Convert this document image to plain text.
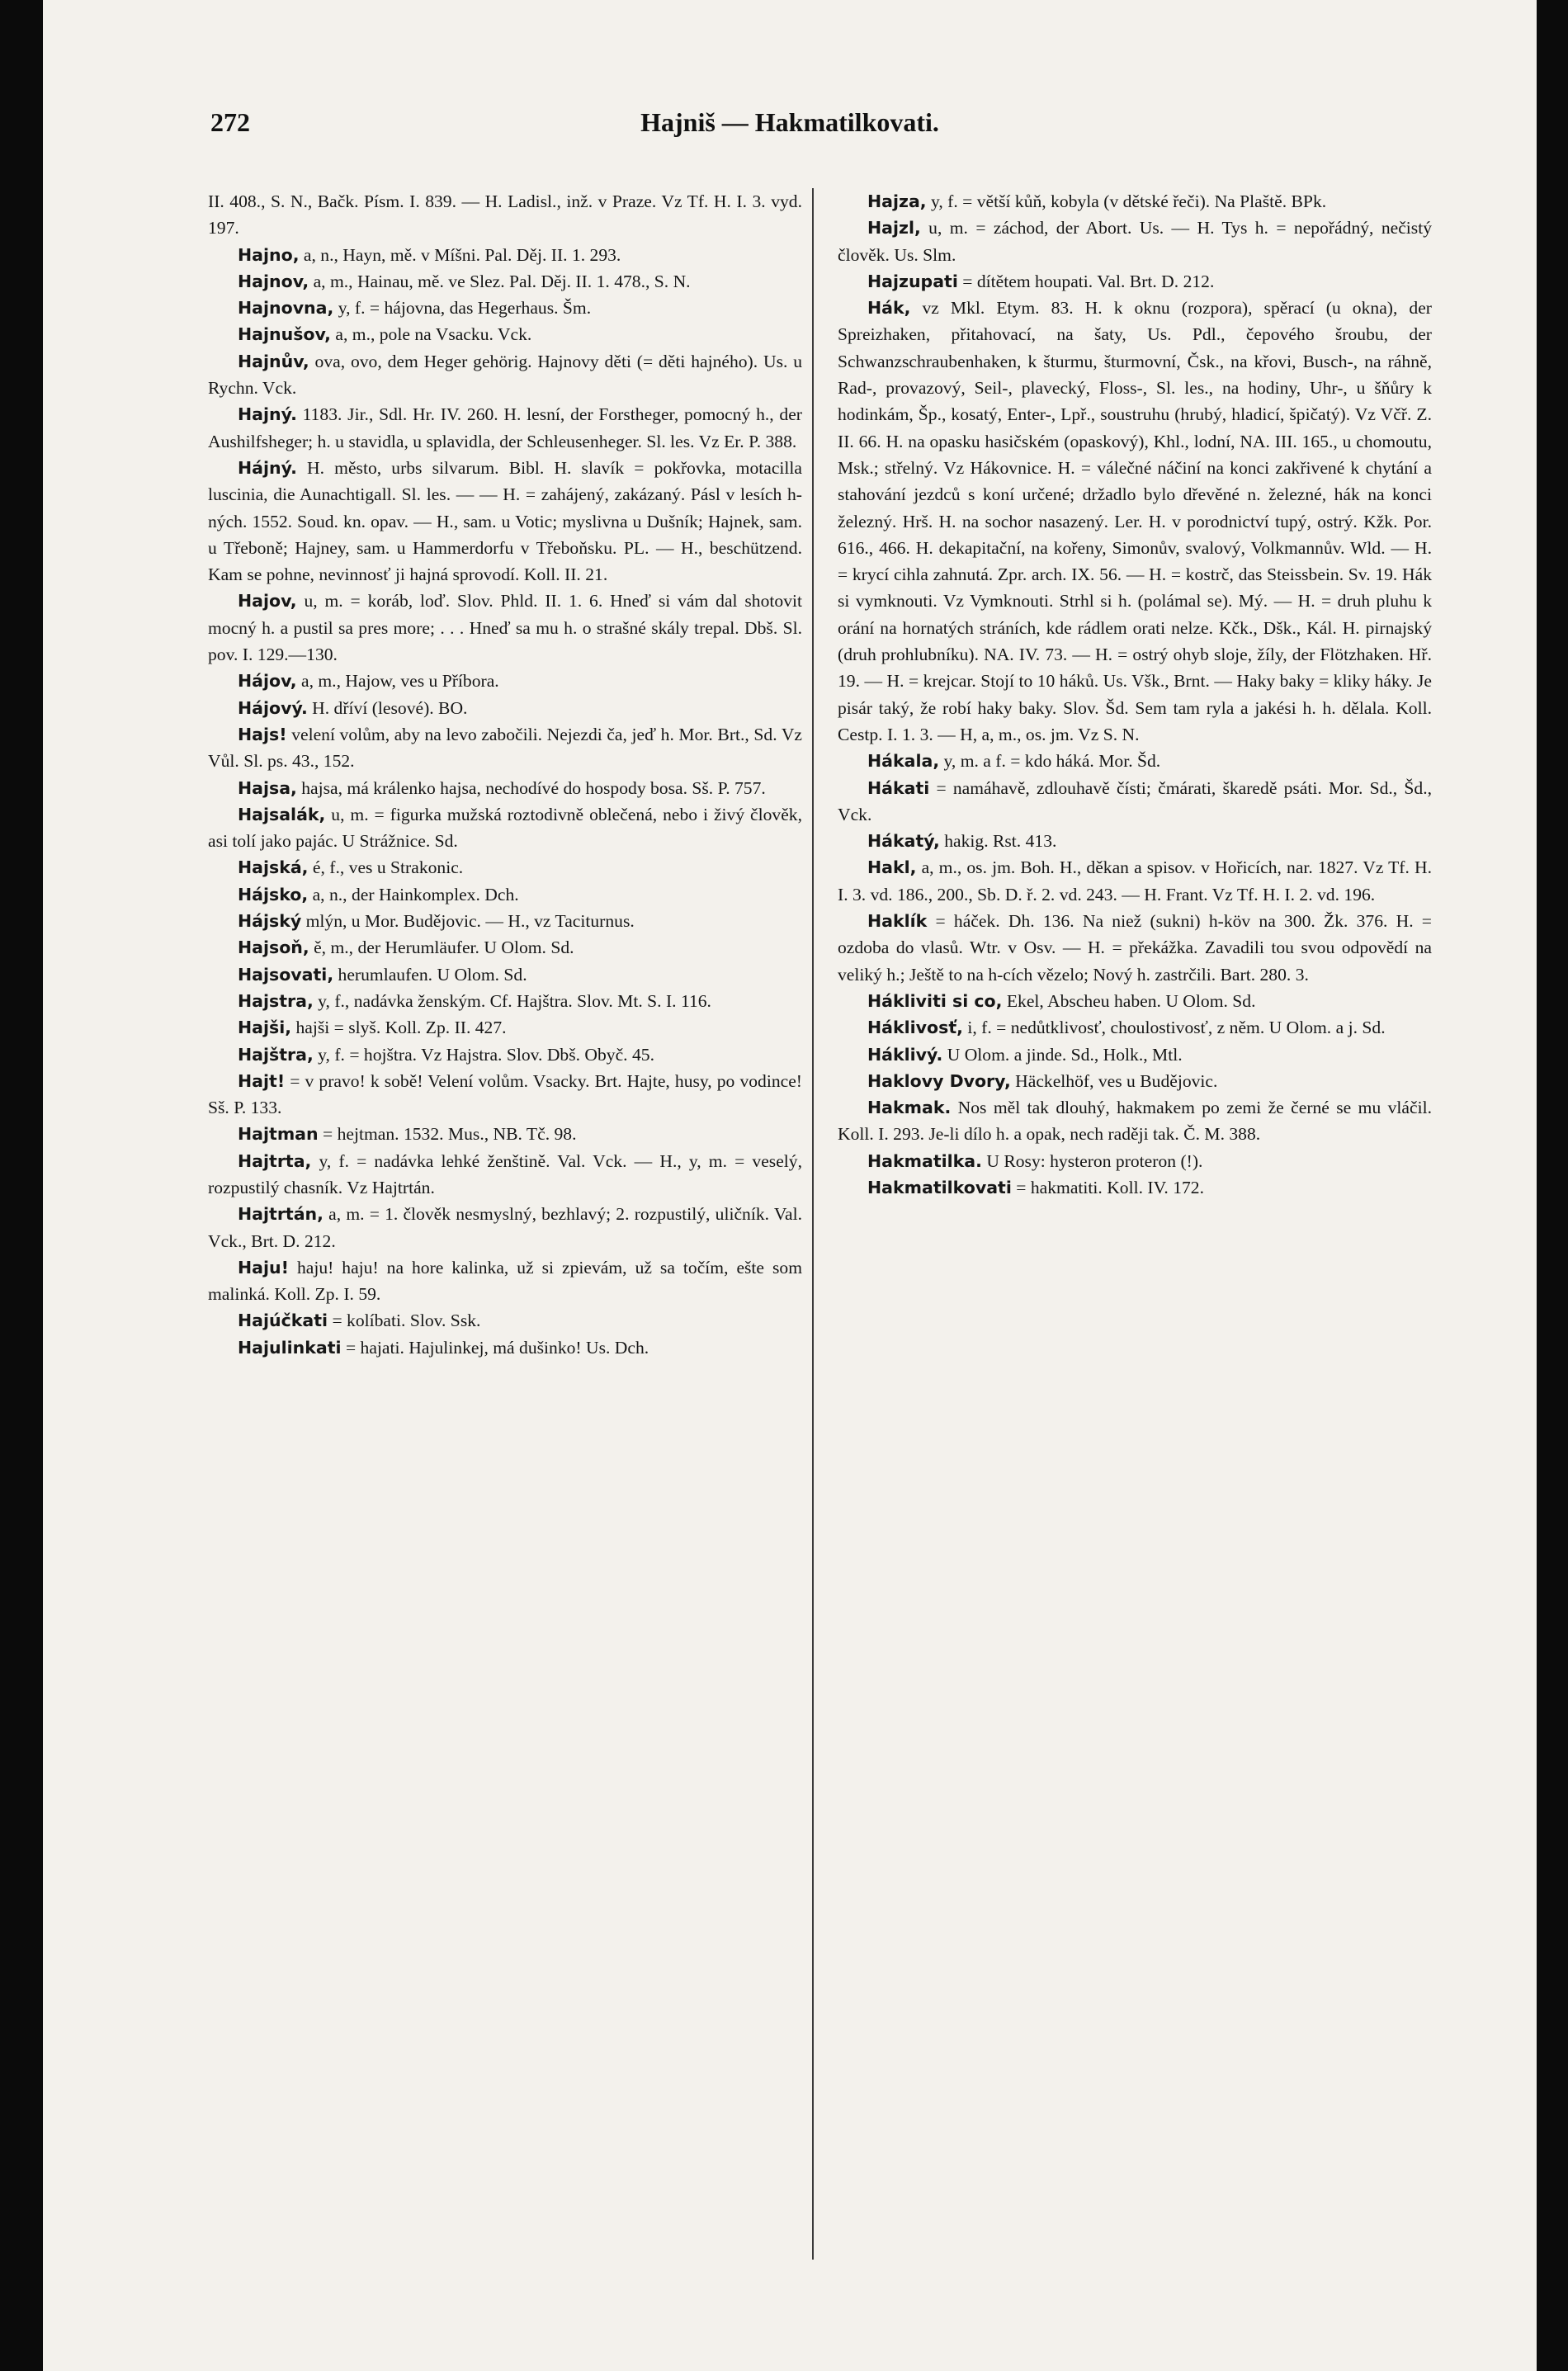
272	Hajniš — Hakmatilkovati.

II. 408., S. N., Bačk. Písm. I. 839. — H. Ladisl., inž. v Praze. Vz Tf. H. I. 3. vyd. 197.

Hajno, a, n., Hayn, mě. v Míšni. Pal. Děj. II. 1. 293.

Hajnov, a, m., Hainau, mě. ve Slez. Pal. Děj. II. 1. 478., S. N.

Hajnovna, y, f. = hájovna, das Hegerhaus. Šm.

Hajnušov, a, m., pole na Vsacku. Vck.

Hajnův, ova, ovo, dem Heger gehörig. Hajnovy děti (= děti hajného). Us. u Rychn. Vck.

Hajný. 1183. Jir., Sdl. Hr. IV. 260. H. lesní, der Forstheger, pomocný h., der Aushilfsheger; h. u stavidla, u splavidla, der Schleusenheger. Sl. les. Vz Er. P. 388.

Hájný. H. město, urbs silvarum. Bibl. H. slavík = pokřovka, motacilla luscinia, die Aunachtigall. Sl. les. — — H. = zahájený, zakázaný. Pásl v lesích h-ných. 1552. Soud. kn. opav. — H., sam. u Votic; myslivna u Dušník; Hajnek, sam. u Třeboně; Hajney, sam. u Hammerdorfu v Třeboňsku. PL. — H., beschützend. Kam se pohne, nevinnosť ji hajná sprovodí. Koll. II. 21.

Hajov, u, m. = koráb, loď. Slov. Phld. II. 1. 6. Hneď si vám dal shotovit mocný h. a pustil sa pres more; . . . Hneď sa mu h. o strašné skály trepal. Dbš. Sl. pov. I. 129.—130.

Hájov, a, m., Hajow, ves u Příbora.

Hájový. H. dříví (lesové). BO.

Hajs! velení volům, aby na levo zabočili. Nejezdi ča, jeď h. Mor. Brt., Sd. Vz Vůl. Sl. ps. 43., 152.

Hajsa, hajsa, má králenko hajsa, nechodívé do hospody bosa. Sš. P. 757.

Hajsalák, u, m. = figurka mužská roztodivně oblečená, nebo i živý člověk, asi tolí jako pajác. U Strážnice. Sd.

Hajská, é, f., ves u Strakonic.

Hájsko, a, n., der Hainkomplex. Dch.

Hájský mlýn, u Mor. Budějovic. — H., vz Taciturnus.

Hajsoň, ě, m., der Herumläufer. U Olom. Sd.

Hajsovati, herumlaufen. U Olom. Sd.

Hajstra, y, f., nadávka ženským. Cf. Hajštra. Slov. Mt. S. I. 116.

Hajši, hajši = slyš. Koll. Zp. II. 427.

Hajštra, y, f. = hojštra. Vz Hajstra. Slov. Dbš. Obyč. 45.

Hajt! = v pravo! k sobě! Velení volům. Vsacky. Brt. Hajte, husy, po vodince! Sš. P. 133.

Hajtman = hejtman. 1532. Mus., NB. Tč. 98.

Hajtrta, y, f. = nadávka lehké ženštině. Val. Vck. — H., y, m. = veselý, rozpustilý chasník. Vz Hajtrtán.

Hajtrtán, a, m. = 1. člověk nesmyslný, bezhlavý; 2. rozpustilý, uličník. Val. Vck., Brt. D. 212.

Haju! haju! haju! na hore kalinka, už si zpievám, už sa točím, ešte som malinká. Koll. Zp. I. 59.

Hajúčkati = kolíbati. Slov. Ssk.

Hajulinkati = hajati. Hajulinkej, má dušinko! Us. Dch.

Hajza, y, f. = větší kůň, kobyla (v dětské řeči). Na Plaště. BPk.

Hajzl, u, m. = záchod, der Abort. Us. — H. Tys h. = nepořádný, nečistý člověk. Us. Slm.

Hajzupati = dítětem houpati. Val. Brt. D. 212.

Hák, vz Mkl. Etym. 83. H. k oknu (rozpora), spěrací (u okna), der Spreizhaken, přitahovací, na šaty, Us. Pdl., čepového šroubu, der Schwanzschraubenhaken, k šturmu, šturmovní, Čsk., na křovi, Busch-, na ráhně, Rad-, provazový, Seil-, plavecký, Floss-, Sl. les., na hodiny, Uhr-, u šňůry k hodinkám, Šp., kosatý, Enter-, Lpř., soustruhu (hrubý, hladicí, špičatý). Vz Včř. Z. II. 66. H. na opasku hasičském (opaskový), Khl., lodní, NA. III. 165., u chomoutu, Msk.; střelný. Vz Hákovnice. H. = válečné náčiní na konci zakřivené k chytání a stahování jezdců s koní určené; držadlo bylo dřevěné n. železné, hák na konci železný. Hrš. H. na sochor nasazený. Ler. H. v porodnictví tupý, ostrý. Kžk. Por. 616., 466. H. dekapitační, na kořeny, Simonův, svalový, Volkmannův. Wld. — H. = krycí cihla zahnutá. Zpr. arch. IX. 56. — H. = kostrč, das Steissbein. Sv. 19. Hák si vymknouti. Vz Vymknouti. Strhl si h. (polámal se). Mý. — H. = druh pluhu k orání na hornatých stráních, kde rádlem orati nelze. Kčk., Dšk., Kál. H. pirnajský (druh prohlubníku). NA. IV. 73. — H. = ostrý ohyb sloje, žíly, der Flötzhaken. Hř. 19. — H. = krejcar. Stojí to 10 háků. Us. Všk., Brnt. — Haky baky = kliky háky. Je pisár taký, že robí haky baky. Slov. Šd. Sem tam ryla a jakési h. h. dělala. Koll. Cestp. I. 1. 3. — H, a, m., os. jm. Vz S. N.

Hákala, y, m. a f. = kdo háká. Mor. Šd.

Hákati = namáhavě, zdlouhavě čísti; čmárati, škaredě psáti. Mor. Sd., Šd., Vck.

Hákatý, hakig. Rst. 413.

Hakl, a, m., os. jm. Boh. H., děkan a spisov. v Hořicích, nar. 1827. Vz Tf. H. I. 3. vd. 186., 200., Sb. D. ř. 2. vd. 243. — H. Frant. Vz Tf. H. I. 2. vd. 196.

Haklík = háček. Dh. 136. Na niež (sukni) h-köv na 300. Žk. 376. H. = ozdoba do vlasů. Wtr. v Osv. — H. = překážka. Zavadili tou svou odpovědí na veliký h.; Ještě to na h-cích vězelo; Nový h. zastrčili. Bart. 280. 3.

Hákliviti si co, Ekel, Abscheu haben. U Olom. Sd.

Háklivosť, i, f. = nedůtklivosť, choulostivosť, z něm. U Olom. a j. Sd.

Háklivý. U Olom. a jinde. Sd., Holk., Mtl.

Haklovy Dvory, Häckelhöf, ves u Budějovic.

Hakmak. Nos měl tak dlouhý, hakmakem po zemi že černé se mu vláčil. Koll. I. 293. Je-li dílo h. a opak, nech raději tak. Č. M. 388.

Hakmatilka. U Rosy: hysteron proteron (!).

Hakmatilkovati = hakmatiti. Koll. IV. 172.
